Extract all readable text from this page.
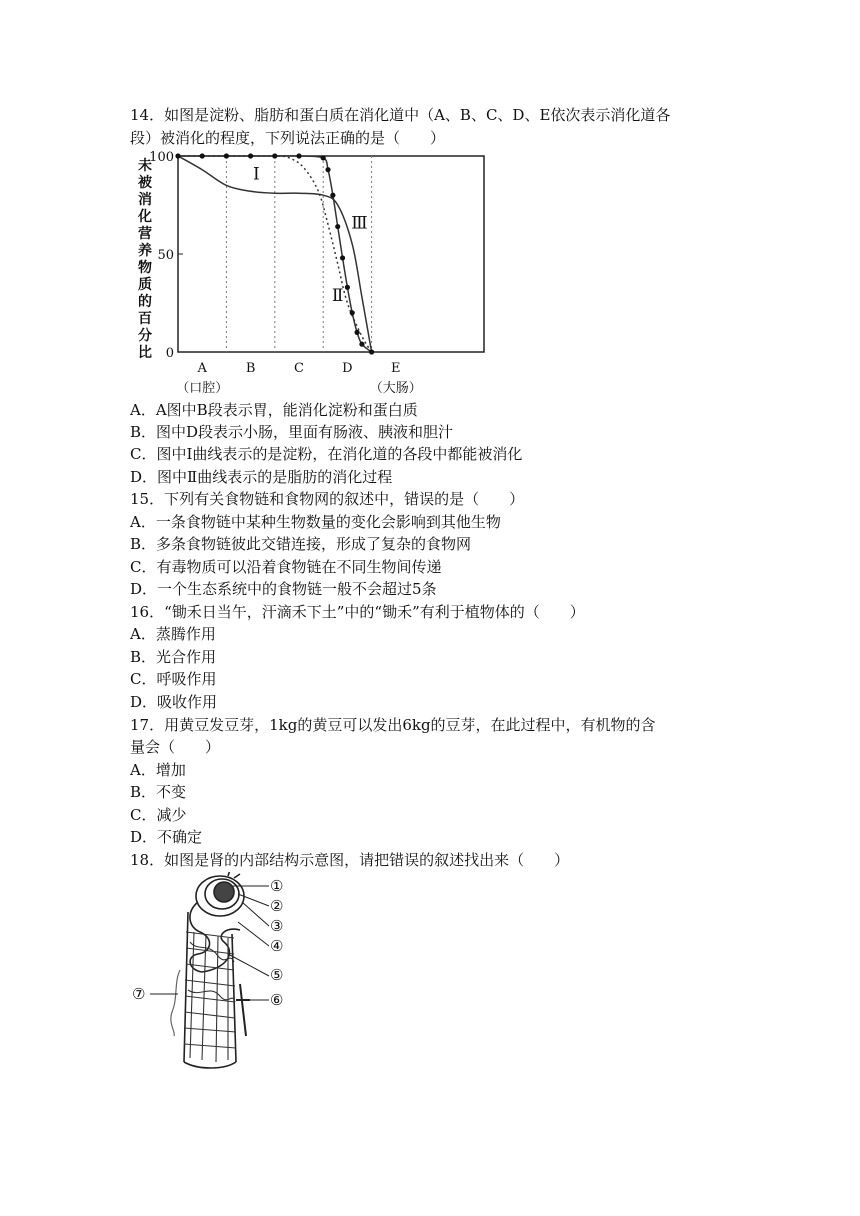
14．如图是淀粉、脂肪和蛋白质在消化道中（A、B、C、D、E依次表示消化道各
段）被消化的程度，下列说法正确的是（　　）
未
被
消
化
营
养
物
质
的
百
分
比
100
50
0
Ⅰ
Ⅱ
Ⅲ
A
（口腔）
B	C	D	E
（大肠）
A．A图中B段表示胃，能消化淀粉和蛋白质
B．图中D段表示小肠，里面有肠液、胰液和胆汁
C．图中Ⅰ曲线表示的是淀粉，在消化道的各段中都能被消化
D．图中Ⅱ曲线表示的是脂肪的消化过程
15．下列有关食物链和食物网的叙述中，错误的是（　　）
A．一条食物链中某种生物数量的变化会影响到其他生物
B．多条食物链彼此交错连接，形成了复杂的食物网
C．有毒物质可以沿着食物链在不同生物间传递
D．一个生态系统中的食物链一般不会超过5条
16．“锄禾日当午，汗滴禾下土”中的“锄禾”有利于植物体的（　　）
A．蒸腾作用
B．光合作用
C．呼吸作用
D．吸收作用
17．用黄豆发豆芽，1kg的黄豆可以发出6kg的豆芽，在此过程中，有机物的含
量会（　　）
A．增加
B．不变
C．减少
D．不确定
18．如图是肾的内部结构示意图，请把错误的叙述找出来（　　）
①
②
③
④
⑤
⑥
⑦
